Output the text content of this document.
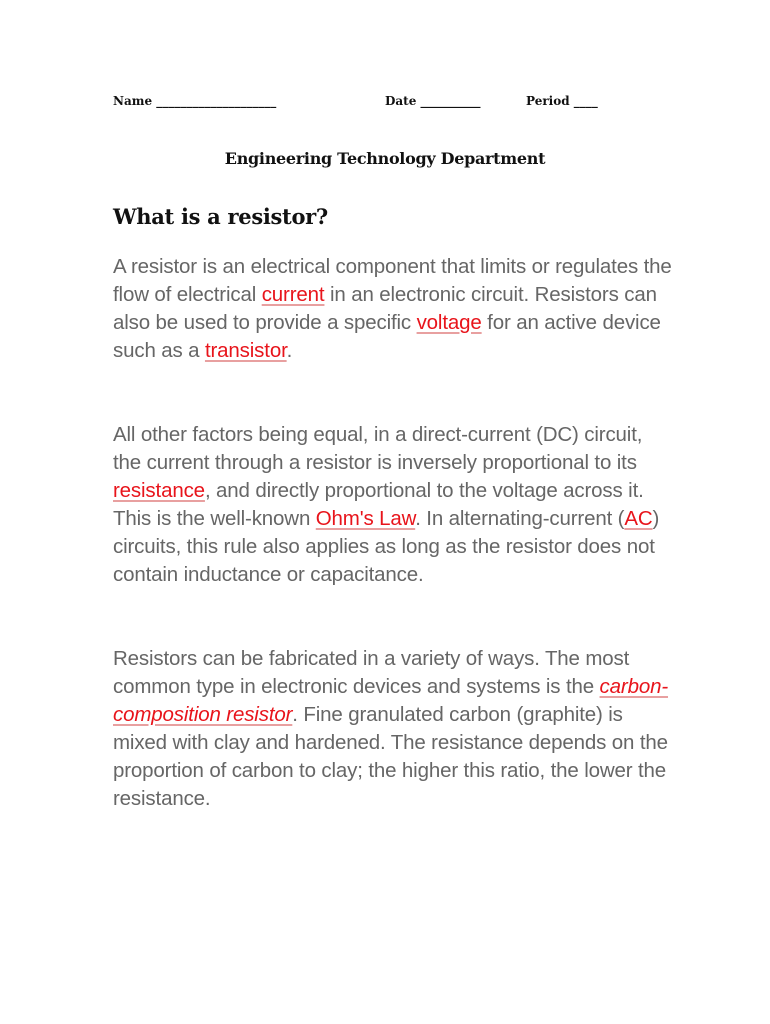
Name ____________________	Date __________	Period ____
Engineering Technology Department
What is a resistor?

A resistor is an electrical component that limits or regulates the flow of electrical current in an electronic circuit. Resistors can also be used to provide a specific voltage for an active device such as a transistor.

All other factors being equal, in a direct-current (DC) circuit, the current through a resistor is inversely proportional to its resistance, and directly proportional to the voltage across it. This is the well-known Ohm's Law. In alternating-current (AC) circuits, this rule also applies as long as the resistor does not contain inductance or capacitance.

Resistors can be fabricated in a variety of ways. The most common type in electronic devices and systems is the carbon-composition resistor. Fine granulated carbon (graphite) is mixed with clay and hardened. The resistance depends on the proportion of carbon to clay; the higher this ratio, the lower the resistance.
